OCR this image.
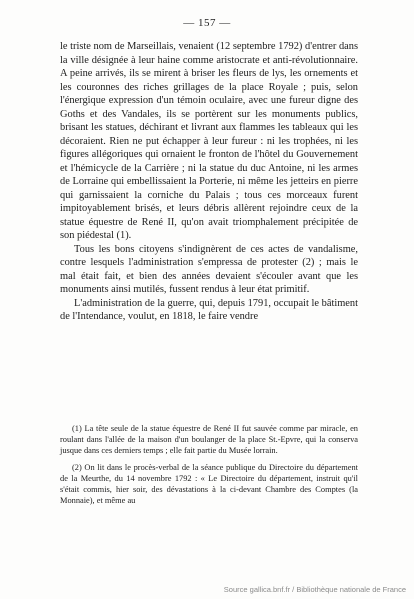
— 157 —

le triste nom de Marseillais, venaient (12 septembre 1792) d'entrer dans la ville désignée à leur haine comme aristocrate et anti-révolutionnaire. A peine arrivés, ils se mirent à briser les fleurs de lys, les ornements et les couronnes des riches grillages de la place Royale ; puis, selon l'énergique expression d'un témoin oculaire, avec une fureur digne des Goths et des Vandales, ils se portèrent sur les monuments publics, brisant les statues, déchirant et livrant aux flammes les tableaux qui les décoraient. Rien ne put échapper à leur fureur : ni les trophées, ni les figures allégoriques qui ornaient le fronton de l'hôtel du Gouvernement et l'hémicycle de la Carrière ; ni la statue du duc Antoine, ni les armes de Lorraine qui embellissaient la Porterie, ni même les jetteirs en pierre qui garnissaient la corniche du Palais ; tous ces morceaux furent impitoyablement brisés, et leurs débris allèrent rejoindre ceux de la statue équestre de René II, qu'on avait triomphalement précipitée de son piédestal (1).

Tous les bons citoyens s'indignèrent de ces actes de vandalisme, contre lesquels l'administration s'empressa de protester (2) ; mais le mal était fait, et bien des années devaient s'écouler avant que les monuments ainsi mutilés, fussent rendus à leur état primitif.

L'administration de la guerre, qui, depuis 1791, occupait le bâtiment de l'Intendance, voulut, en 1818, le faire vendre

(1) La tête seule de la statue équestre de René II fut sauvée comme par miracle, en roulant dans l'allée de la maison d'un boulanger de la place St.-Epvre, qui la conserva jusque dans ces derniers temps ; elle fait partie du Musée lorrain.

(2) On lit dans le procès-verbal de la séance publique du Directoire du département de la Meurthe, du 14 novembre 1792 : « Le Directoire du département, instruit qu'il s'était commis, hier soir, des dévastations à la ci-devant Chambre des Comptes (la Monnaie), et même au

Source gallica.bnf.fr / Bibliothèque nationale de France
